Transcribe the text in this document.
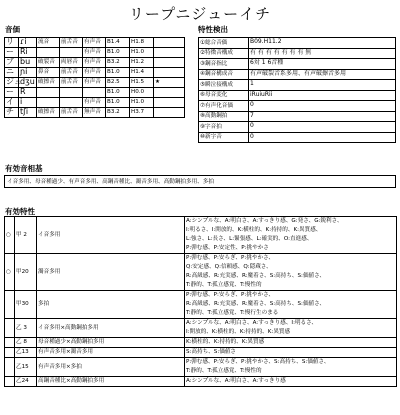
リープニジューイチ
音価
リ	ɾi	流音	前舌音	有声音	B1.4	H1.8	
ー	Ri			有声音	B1.0	H1.0	
プ	bu	破裂音	両唇音	有声音	B3.2	H1.2	
ニ	ɲi	鼻音	前舌音	有声音	B1.0	H1.4	
ジュ	dʒu	破擦音	前舌音	有声音	B2.5	H1.5	★
ー	R				B1.0	H0.0	
イ	i			有声音	B1.0	H1.0	
チ	tʃi	破擦音	前舌音	無声音	B3.2	H3.7	
特性検出
①総合音価	B09.H11.2
②特徴音構成	有 有 有 有 有 有 有 無
③鋼音指比	6対 1 6音種
④鋼音構成音	有声破裂音系多用、有声破擦音多用
⑤瞬泣接構成	1
⑥母音変化	iRuiuRii
⑦有声化音価	0
⑧高動鋼拍	7
⑨字音拍	0
⑩新字音	0
有効音相基
イ音多用、母音種過少、有声音多用、高鋼音種比、濁音多用、高動鋼拍多用、多拍
有効特性
○	甲 2	イ音多用	A:シンプルな、A:明白さ、A:すっきり感、G:発さ、G:鋭利さ、
I:明るさ、I:開放的、K:横柱的、K:持持的、K:異質感、
L:強さ、L:長さ、L:緊張感、L:確実的、O:直進感、
P:弾む感、P:安定性、P:挑やかさ

○	甲20	濁音多用	P:弾む感、P:安らぎ、P:挑やかさ、
Q:安定感、Q:信頼感、Q:隠蔵さ、
R:高級感、R:充実感、R:魔着さ、S:高持ち、S:価値さ、
T:静的、T:孤立感覚、T:慢性的

	甲30	多拍	P:弾む感、P:安らぎ、P:挑やかさ、
R:高級感、R:充実感、R:魔着さ、S:高持ち、S:価値さ、
T:静的、T:孤立感覚、T:慢行生のまる

	乙 3	イ音多用×高動鋼拍多用	A:シンプルな、A:明白さ、A:すっきり感、I:明るさ、
I:開放的、K:横柱的、K:持持的、K:異質感

	乙 8	母音種過少×高動鋼拍多用	K:横柱的、K:持持的、K:異質感

	乙13	有声音多用×濁音多用	S:高持ち、S:価値さ

	乙15	有声音多用×多拍	P:弾む感、P:安らぎ、P:挑やかさ、S:高持ち、S:価値さ、
T:静的、T:孤立感覚、T:慢性的

	乙24	高鋼音種比×高動鋼拍多用	A:シンプルな、A:明白さ、A:すっきり感
